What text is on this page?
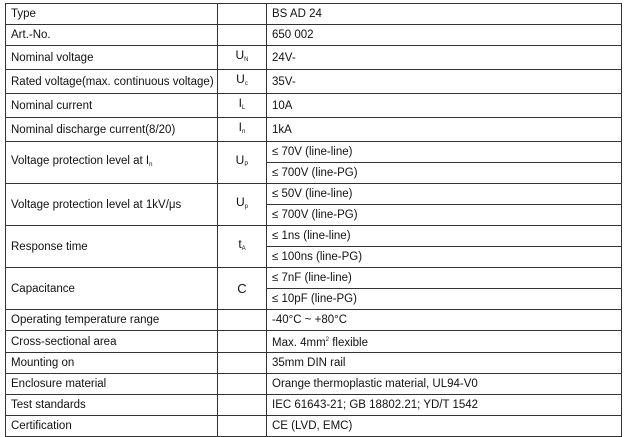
Type		BS AD 24
Art.-No.		650 002
Nominal voltage	$U_N$	24V-
Rated voltage(max. continuous voltage)	$U_c$	35V-
Nominal current	$I_L$	10A
Nominal discharge current(8/20)	$I_n$	1kA
Voltage protection level at $I_n$	$U_P$	≤ 70V (line-line)
≤ 700V (line-PG)

Voltage protection level at 1kV/μs	$U_p$	≤ 50V (line-line)
≤ 700V (line-PG)

Response time	$t_A$	≤ 1ns (line-line)
≤ 100ns (line-PG)

Capacitance	C	≤ 7nF (line-line)
≤ 10pF (line-PG)

Operating temperature range		-40°C ~ +80°C
Cross-sectional area		Max. $4mm^2$ flexible
Mounting on		35mm DIN rail
Enclosure material		Orange thermoplastic material, UL94-V0
Test standards		IEC 61643-21; GB 18802.21; YD/T 1542
Certification		CE (LVD, EMC)
